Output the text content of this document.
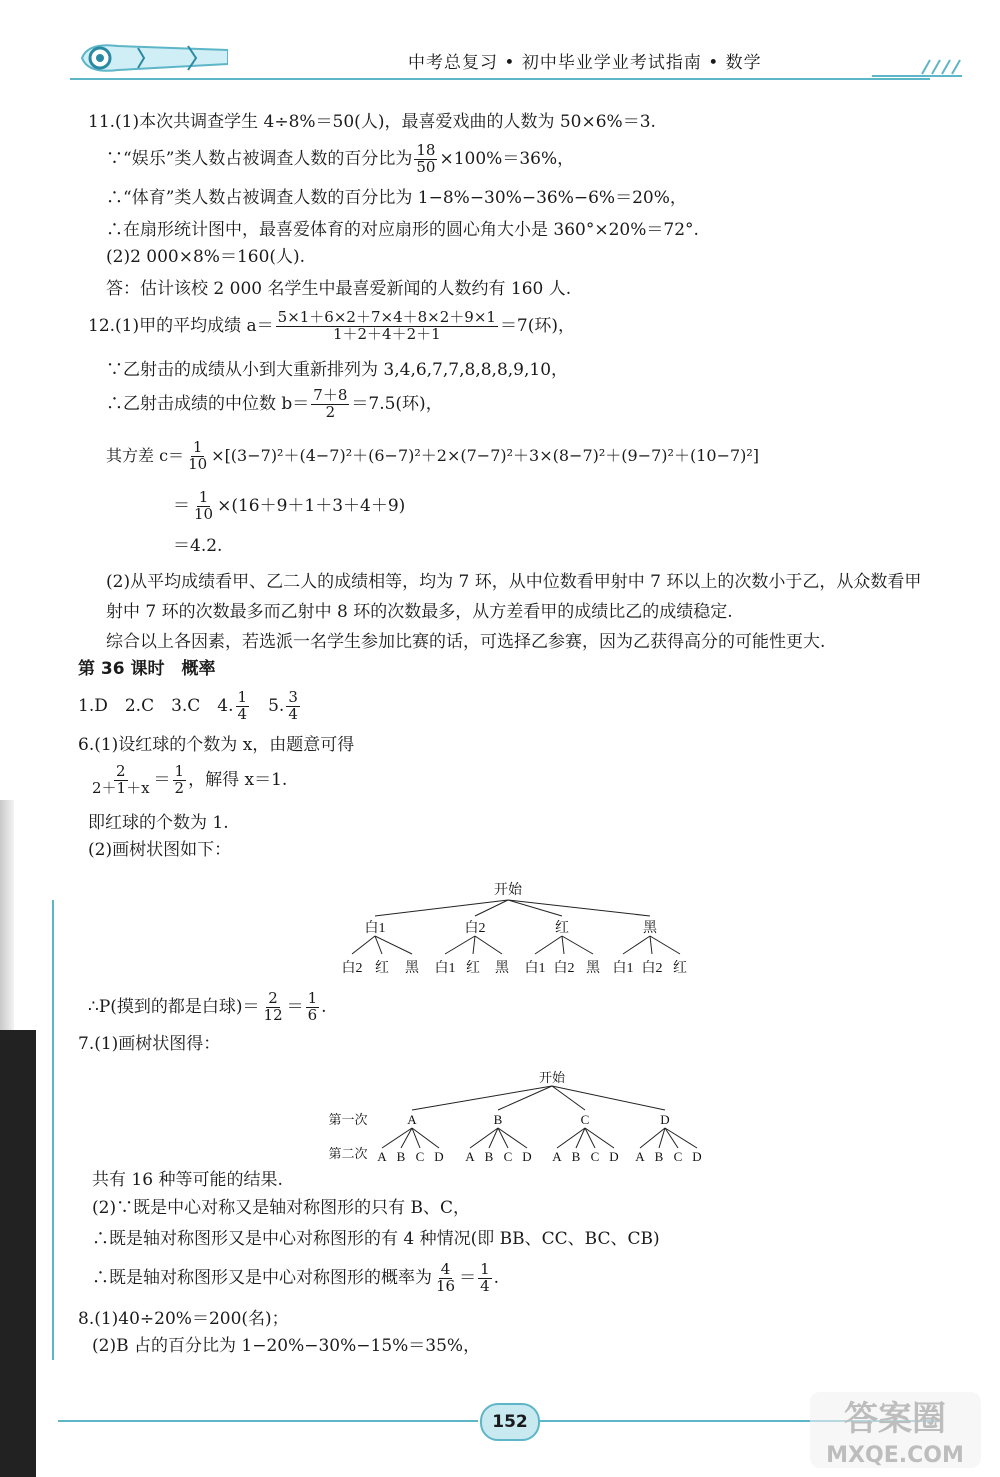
中考总复习 • 初中毕业学业考试指南 • 数学
11.(1)本次共调查学生 4÷8%＝50(人)，最喜爱戏曲的人数为 50×6%＝3.
∵“娱乐”类人数占被调查人数的百分比为 $\frac{18}{50} \times 100\%=36\%$，
∴“体育”类人数占被调查人数的百分比为 1−8%−30%−36%−6%＝20%，
∴在扇形统计图中，最喜爱体育的对应扇形的圆心角大小是 360°×20%＝72°.
(2)2 000×8%＝160(人).
答：估计该校 2 000 名学生中最喜爱新闻的人数约有 160 人.
12.(1)甲的平均成绩 $a= \frac{5\times 1+6\times 2+7\times 4+8\times 2+9\times 1}{1+2+4+2+1} =7$(环)，
∵乙射击的成绩从小到大重新排列为 3,4,6,7,7,8,8,8,9,10，
∴乙射击成绩的中位数 $b= \frac{7+8}{2} =7.5$(环)，
其方差 $c= \frac{1}{10} \times[(3-7)^2+(4-7)^2+(6-7)^2+2\times(7-7)^2+3\times(8-7)^2+(9-7)^2+(10-7)^2]$
＝ $\frac{1}{10} \times(16+9+1+3+4+9)$
＝4.2.
(2)从平均成绩看甲、乙二人的成绩相等，均为 7 环，从中位数看甲射中 7 环以上的次数小于乙，从众数看甲
射中 7 环的次数最多而乙射中 8 环的次数最多，从方差看甲的成绩比乙的成绩稳定.
综合以上各因素，若选派一名学生参加比赛的话，可选择乙参赛，因为乙获得高分的可能性更大.
第 36 课时　概率
1.D　2.C　3.C　4. $\frac{1}{4}$
　 5. $\frac{3}{4}$
6.(1)设红球的个数为 x，由题意可得
$\frac{2}{2+1+x} = \frac{1}{2}$ ，解得 x＝1.
即红球的个数为 1.
(2)画树状图如下：
开始
白1	白2	红	黑
白2 红 黑 白1 红 黑 白1 白2 黑 白1 白2 红
∴P(摸到的都是白球)＝ $\frac{2}{12} = \frac{1}{6}$ .
7.(1)画树状图得：
开始
第一次
第二次
A	B	C	D
A B C D A B C D A B C D A B C D
共有 16 种等可能的结果.
(2)∵既是中心对称又是轴对称图形的只有 B、C，
∴既是轴对称图形又是中心对称图形的有 4 种情况(即 BB、CC、BC、CB)
∴既是轴对称图形又是中心对称图形的概率为 $\frac{4}{16} = \frac{1}{4}$ .
8.(1)40÷20%＝200(名)；
(2)B 占的百分比为 1−20%−30%−15%＝35%，
152	答案圈
MXQE.COM
